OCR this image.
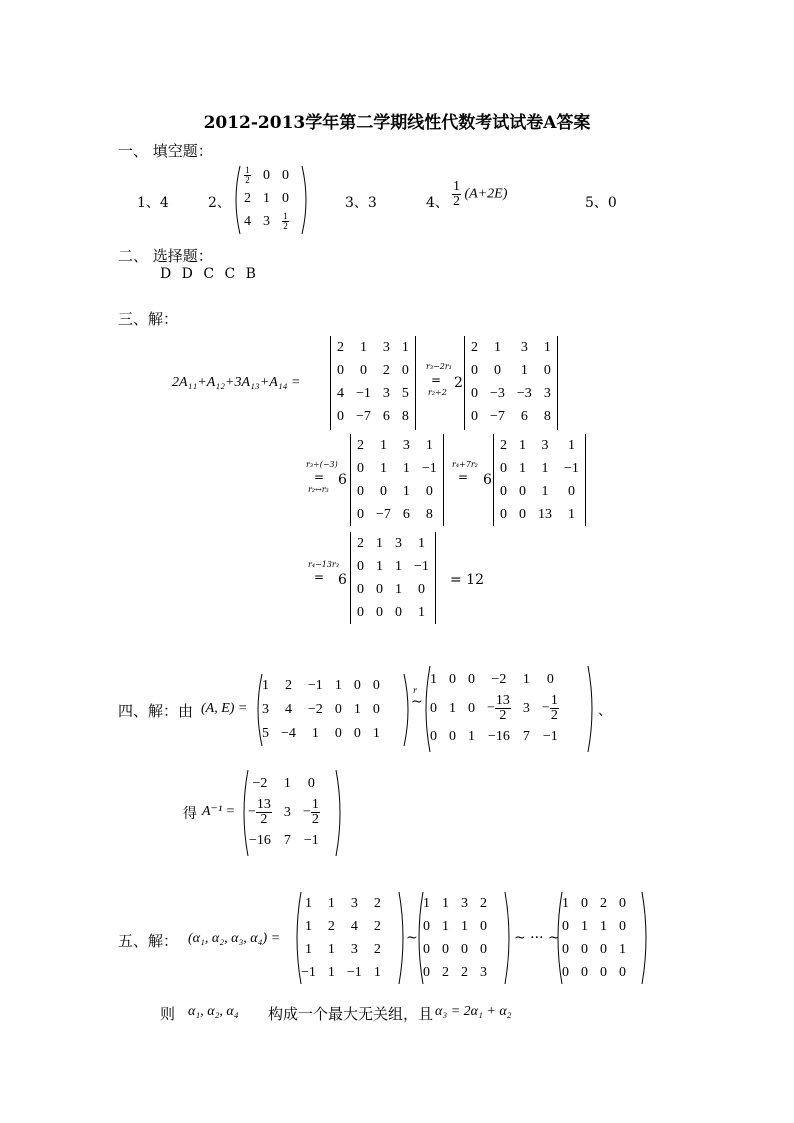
2012-2013学年第二学期线性代数考试试卷A答案
一、 填空题：
1、4	2、
$\frac{1}{2}$	0	0
2	1	0
4	3	$\frac{1}{2}$
3、3	4、 $\frac{1}{2} (A+2E)$
5、0
二、 选择题：
D D C C B
三、解：
2A₁₁+A₁₂+3A₁₃+A₁₄ =
2	1	3	1
0	0	2	0
4	−1	3	5
0	−7	6	8
r₃−2r₁
=
r₂÷2
2
2	1	3	1
0	0	1	0
0	−3	−3	3
0	−7	6	8
r₃÷(−3)
=
r₂↔r₃
6
2	1	3	1
0	1	1	−1
0	0	1	0
0	−7	6	8
r₄+7r₂
= 6
2	1	3	1
0	1	1	−1
0	0	1	0
0	0	13	1
r₄−13r₃
= 6
2	1	3	1
0	1	1	−1
0	0	1	0
0	0	0	1
= 12
四、解：由 (A, E) =
1	2	−1	1	0	0
3	4	−2	0	1	0
5	−4	1	0	0	1
r
~
1	0	0	−2	1	0
0	1	0	− $\frac{13}{2}$	3	− $\frac{1}{2}$

0	0	1	−16	7	−1
、
得 A⁻¹ =
−2	1	0
− $\frac{13}{2}$	3	− $\frac{1}{2}$

−16	7	−1
五、解： (α₁, α₂, α₃, α₄) =
1	1	3	2
1	2	4	2
1	1	3	2
−1	1	−1	1
~
1	1	3	2
0	1	1	0
0	0	0	0
0	2	2	3
~ ··· ~
1	0	2	0
0	1	1	0
0	0	0	1
0	0	0	0
则 α₁, α₂, α₄ 构成一个最大无关组，且 α₃ = 2α₁ + α₂
